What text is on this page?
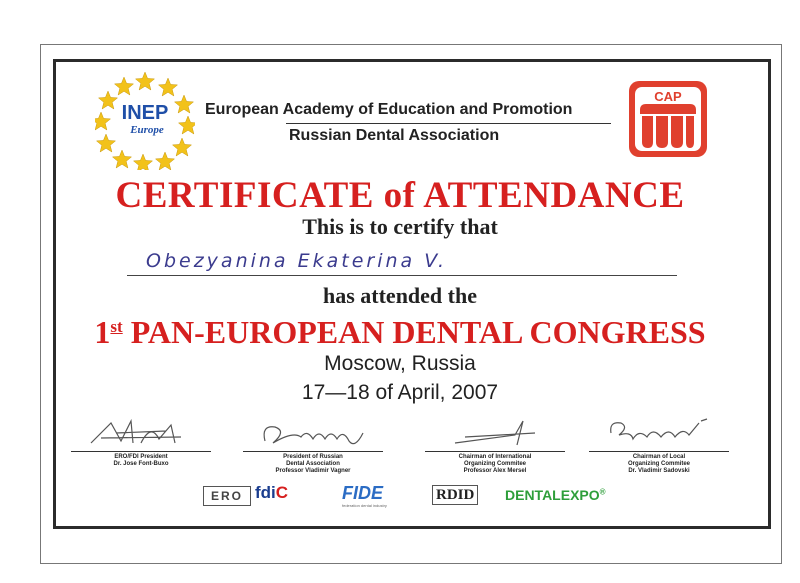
INEP
Europe
European Academy of Education and Promotion
Russian Dental Association
CAP
CERTIFICATE of ATTENDANCE
This is to certify that
Obezyanina Ekaterina V.
has attended the
1st PAN-EUROPEAN DENTAL CONGRESS
Moscow, Russia
17—18 of April, 2007
ERO/FDI President
Dr. Jose Font-Buxo
President of Russian
Dental Association
Professor Vladimir Vagner
Chairman of International
Organizing Commitee
Professor Alex Mersel
Chairman of Local
Organizing Commitee
Dr. Vladimir Sadovski
ERO fdiC	FIDE
federation dental industry
RDID DENTALEXPO®
